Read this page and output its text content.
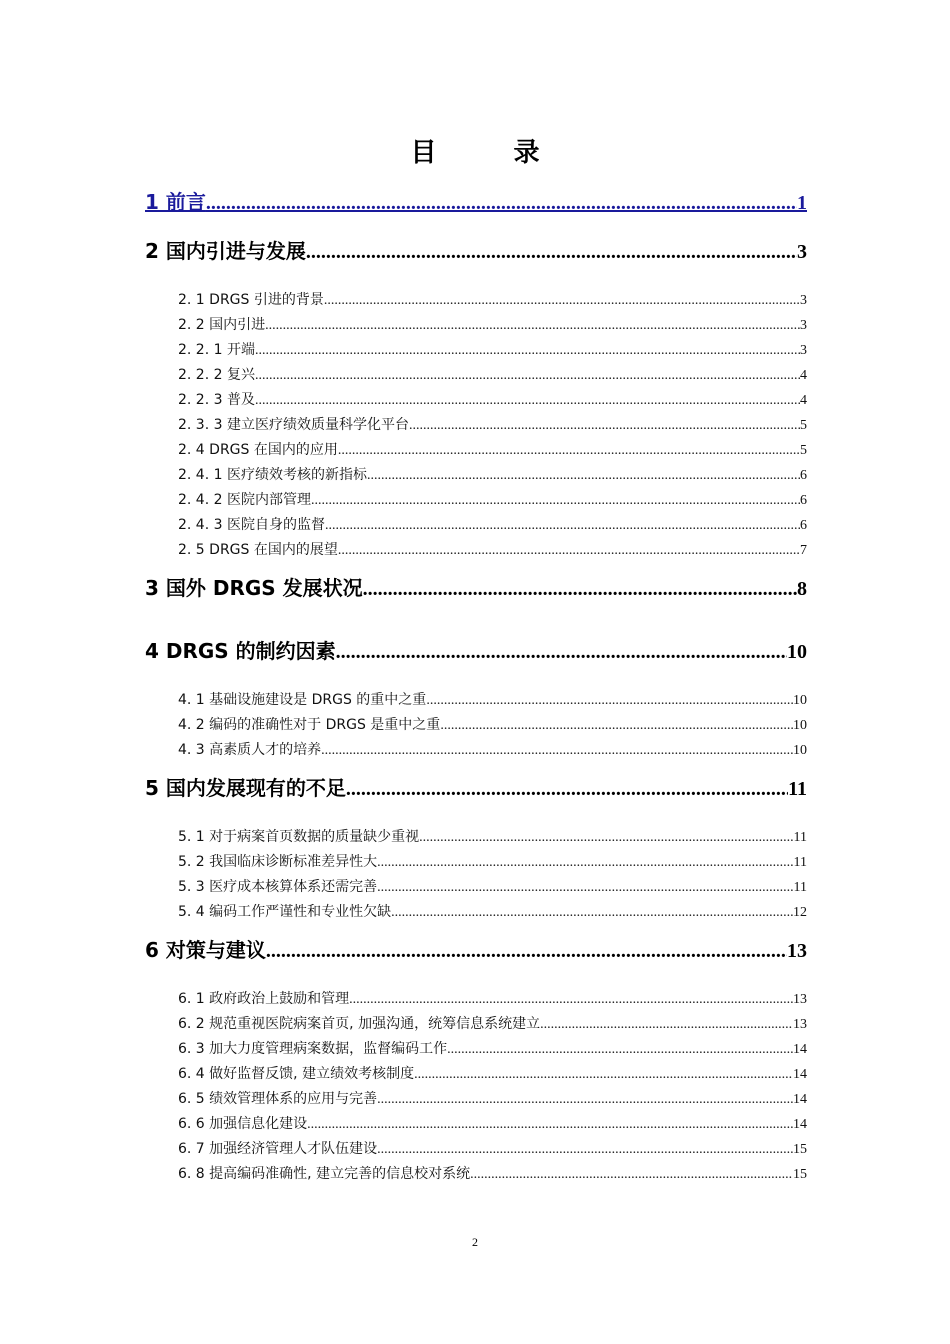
目 录
1 前言 .....	1
2 国内引进与发展 .....	3
2. 1 DRGS 引进的背景 .....	3
2. 2 国内引进 .....	3
2. 2. 1 开端 .....	3
2. 2. 2 复兴 .....	4
2. 2. 3 普及 .....	4
2. 3. 3 建立医疗绩效质量科学化平台 .....	5
2. 4 DRGS 在国内的应用 .....	5
2. 4. 1 医疗绩效考核的新指标 .....	6
2. 4. 2 医院内部管理 .....	6
2. 4. 3 医院自身的监督 .....	6
2. 5 DRGS 在国内的展望 .....	7
3 国外 DRGS 发展状况 .....	8
4 DRGS 的制约因素 .....	10
4. 1 基础设施建设是 DRGS 的重中之重 .....	10
4. 2 编码的准确性对于 DRGS 是重中之重 .....	10
4. 3 高素质人才的培养 .....	10
5 国内发展现有的不足 .....	11
5. 1 对于病案首页数据的质量缺少重视 .....	11
5. 2 我国临床诊断标准差异性大 .....	11
5. 3 医疗成本核算体系还需完善 .....	11
5. 4 编码工作严谨性和专业性欠缺 .....	12
6 对策与建议 .....	13
6. 1 政府政治上鼓励和管理 .....	13
6. 2 规范重视医院病案首页, 加强沟通，统筹信息系统建立 .....	13
6. 3 加大力度管理病案数据，监督编码工作 .....	14
6. 4 做好监督反馈, 建立绩效考核制度 .....	14
6. 5 绩效管理体系的应用与完善 .....	14
6. 6 加强信息化建设 .....	14
6. 7 加强经济管理人才队伍建设 .....	15
6. 8 提高编码准确性, 建立完善的信息校对系统 .....	15
2
